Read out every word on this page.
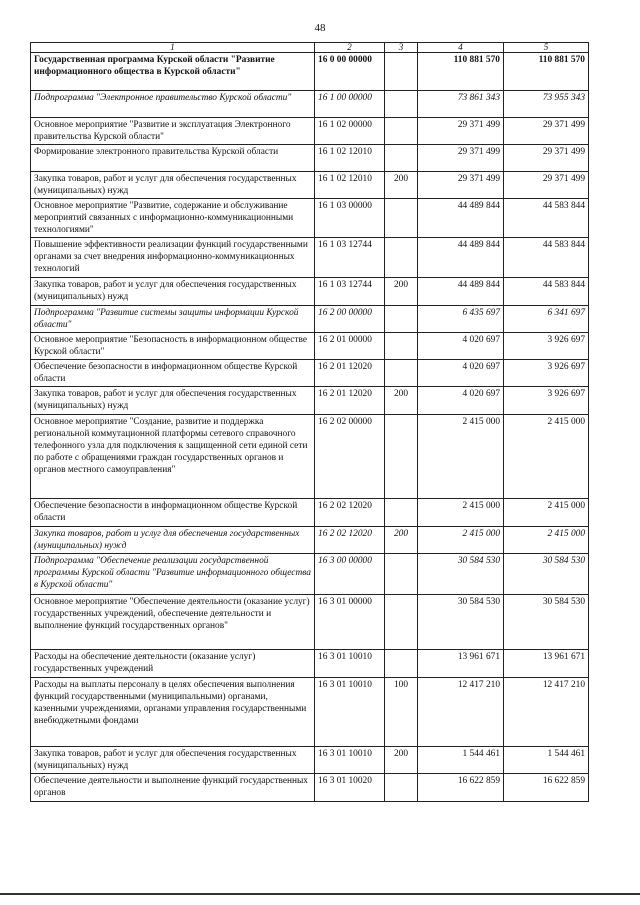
48
1	2	3	4	5
Государственная программа Курской области "Развитие информационного общества в Курской области"	16 0 00 00000		110 881 570	110 881 570
Подпрограмма "Электронное правительство Курской области"	16 1 00 00000		73 861 343	73 955 343
Основное мероприятие "Развитие и эксплуатация Электронного правительства Курской области"	16 1 02 00000		29 371 499	29 371 499
Формирование электронного правительства Курской области	16 1 02 12010		29 371 499	29 371 499
Закупка товаров, работ и услуг для обеспечения государственных (муниципальных) нужд	16 1 02 12010	200	29 371 499	29 371 499
Основное мероприятие "Развитие, содержание и обслуживание мероприятий связанных с информационно-коммуникационными технологиями"	16 1 03 00000		44 489 844	44 583 844
Повышение эффективности реализации функций государственными органами за счет внедрения информационно-коммуникационных технологий	16 1 03 12744		44 489 844	44 583 844
Закупка товаров, работ и услуг для обеспечения государственных (муниципальных) нужд	16 1 03 12744	200	44 489 844	44 583 844
Подпрограмма "Развитие системы защиты информации Курской области"	16 2 00 00000		6 435 697	6 341 697
Основное мероприятие "Безопасность в информационном обществе Курской области"	16 2 01 00000		4 020 697	3 926 697
Обеспечение безопасности в информационном обществе Курской области	16 2 01 12020		4 020 697	3 926 697
Закупка товаров, работ и услуг для обеспечения государственных (муниципальных) нужд	16 2 01 12020	200	4 020 697	3 926 697
Основное мероприятие "Создание, развитие и поддержка региональной коммутационной платформы сетевого справочного телефонного узла для подключения к защищенной сети единой сети по работе с обращениями граждан государственных органов и органов местного самоуправления"	16 2 02 00000		2 415 000	2 415 000
Обеспечение безопасности в информационном обществе Курской области	16 2 02 12020		2 415 000	2 415 000
Закупка товаров, работ и услуг для обеспечения государственных (муниципальных) нужд	16 2 02 12020	200	2 415 000	2 415 000
Подпрограмма "Обеспечение реализации государственной программы Курской области "Развитие информационного общества в Курской области"	16 3 00 00000		30 584 530	30 584 530
Основное мероприятие "Обеспечение деятельности (оказание услуг) государственных учреждений, обеспечение деятельности и выполнение функций государственных органов"	16 3 01 00000		30 584 530	30 584 530
Расходы на обеспечение деятельности (оказание услуг) государственных учреждений	16 3 01 10010		13 961 671	13 961 671
Расходы на выплаты персоналу в целях обеспечения выполнения функций государственными (муниципальными) органами, казенными учреждениями, органами управления государственными внебюджетными фондами	16 3 01 10010	100	12 417 210	12 417 210
Закупка товаров, работ и услуг для обеспечения государственных (муниципальных) нужд	16 3 01 10010	200	1 544 461	1 544 461
Обеспечение деятельности и выполнение функций государственных органов	16 3 01 10020		16 622 859	16 622 859
